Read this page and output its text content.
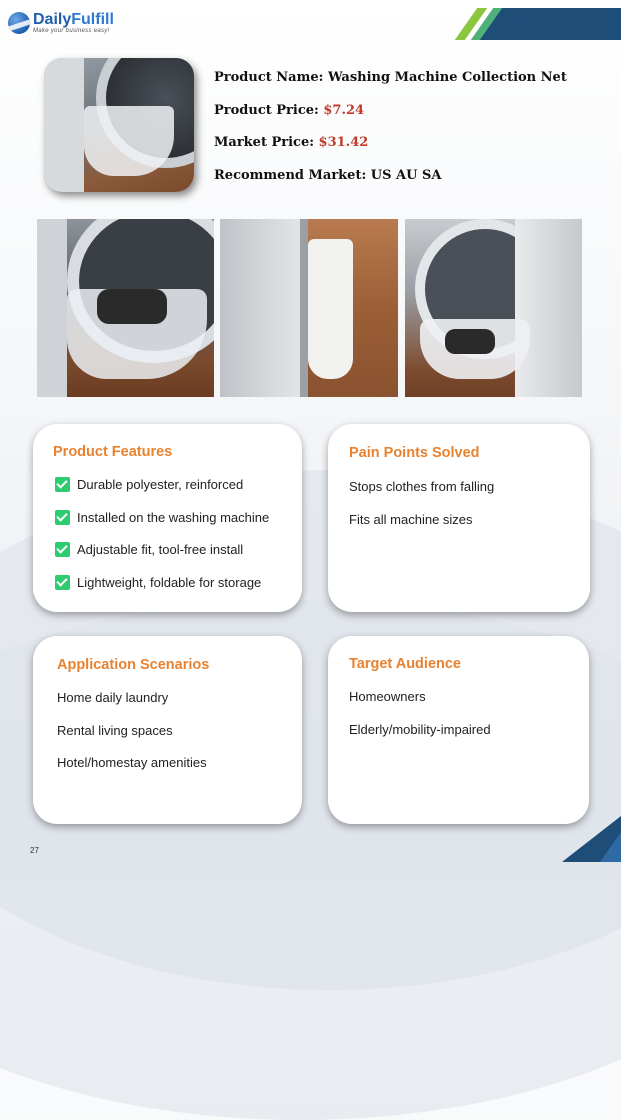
DailyFulfill
Make your business easy!
Product Name: Washing Machine Collection Net
Product Price: $7.24
Market Price: $31.42
Recommend Market: US AU SA
Product Features
Durable polyester, reinforced
Installed on the washing machine
Adjustable fit, tool-free install
Lightweight, foldable for storage
Pain Points Solved
Stops clothes from falling
Fits all machine sizes
Application Scenarios
Home daily laundry
Rental living spaces
Hotel/homestay amenities
Target Audience
Homeowners
Elderly/mobility-impaired
27
